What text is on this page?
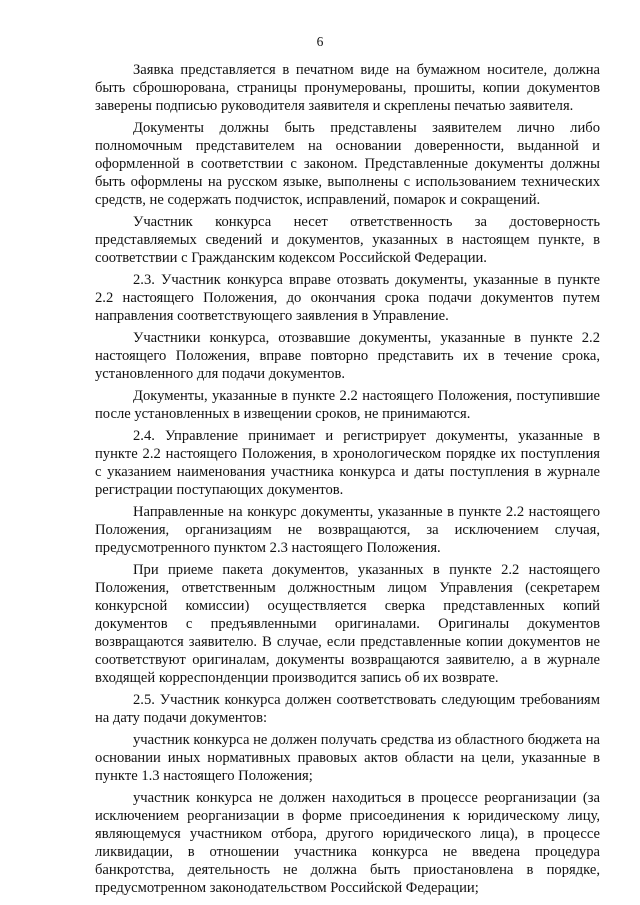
6

Заявка представляется в печатном виде на бумажном носителе, должна быть сброшюрована, страницы пронумерованы, прошиты, копии документов заверены подписью руководителя заявителя и скреплены печатью заявителя.

Документы должны быть представлены заявителем лично либо полномочным представителем на основании доверенности, выданной и оформленной в соответствии с законом. Представленные документы должны быть оформлены на русском языке, выполнены с использованием технических средств, не содержать подчисток, исправлений, помарок и сокращений.

Участник конкурса несет ответственность за достоверность представляемых сведений и документов, указанных в настоящем пункте, в соответствии с Гражданским кодексом Российской Федерации.

2.3. Участник конкурса вправе отозвать документы, указанные в пункте 2.2 настоящего Положения, до окончания срока подачи документов путем направления соответствующего заявления в Управление.

Участники конкурса, отозвавшие документы, указанные в пункте 2.2 настоящего Положения, вправе повторно представить их в течение срока, установленного для подачи документов.

Документы, указанные в пункте 2.2 настоящего Положения, поступившие после установленных в извещении сроков, не принимаются.

2.4. Управление принимает и регистрирует документы, указанные в пункте 2.2 настоящего Положения, в хронологическом порядке их поступления с указанием наименования участника конкурса и даты поступления в журнале регистрации поступающих документов.

Направленные на конкурс документы, указанные в пункте 2.2 настоящего Положения, организациям не возвращаются, за исключением случая, предусмотренного пунктом 2.3 настоящего Положения.

При приеме пакета документов, указанных в пункте 2.2 настоящего Положения, ответственным должностным лицом Управления (секретарем конкурсной комиссии) осуществляется сверка представленных копий документов с предъявленными оригиналами. Оригиналы документов возвращаются заявителю. В случае, если представленные копии документов не соответствуют оригиналам, документы возвращаются заявителю, а в журнале входящей корреспонденции производится запись об их возврате.

2.5. Участник конкурса должен соответствовать следующим требованиям на дату подачи документов:

участник конкурса не должен получать средства из областного бюджета на основании иных нормативных правовых актов области на цели, указанные в пункте 1.3 настоящего Положения;

участник конкурса не должен находиться в процессе реорганизации (за исключением реорганизации в форме присоединения к юридическому лицу, являющемуся участником отбора, другого юридического лица), в процессе ликвидации, в отношении участника конкурса не введена процедура банкротства, деятельность не должна быть приостановлена в порядке, предусмотренном законодательством Российской Федерации;
